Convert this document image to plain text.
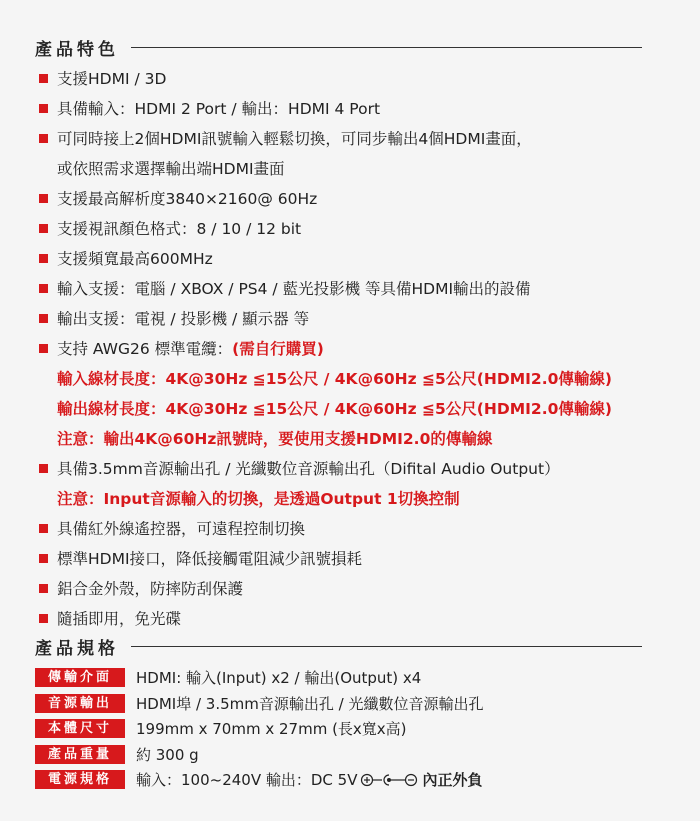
產品特色
支援HDMI / 3D
具備輸入：HDMI 2 Port / 輸出：HDMI 4 Port
可同時接上2個HDMI訊號輸入輕鬆切換，可同步輸出4個HDMI畫面，
或依照需求選擇輸出端HDMI畫面
支援最高解析度3840×2160@ 60Hz
支援視訊顏色格式：8 / 10 / 12 bit
支援頻寬最高600MHz
輸入支援：電腦 / XBOX / PS4 / 藍光投影機 等具備HDMI輸出的設備
輸出支援：電視 / 投影機 / 顯示器 等
支持 AWG26 標準電纜：(需自行購買)
輸入線材長度：4K@30Hz ≦15公尺 / 4K@60Hz ≦5公尺(HDMI2.0傳輸線)
輸出線材長度：4K@30Hz ≦15公尺 / 4K@60Hz ≦5公尺(HDMI2.0傳輸線)
注意：輸出4K@60Hz訊號時，要使用支援HDMI2.0的傳輸線
具備3.5mm音源輸出孔 / 光纖數位音源輸出孔（Difital Audio Output）
注意：Input音源輸入的切換，是透過Output 1切換控制
具備紅外線遙控器，可遠程控制切換
標準HDMI接口，降低接觸電阻減少訊號損耗
鋁合金外殼，防摔防刮保護
隨插即用，免光碟
產品規格
傳輸介面	HDMI: 輸入(Input) x2 / 輸出(Output) x4
音源輸出	HDMI埠 / 3.5mm音源輸出孔 / 光纖數位音源輸出孔
本體尺寸	199mm x 70mm x 27mm (長x寬x高)
產品重量	約 300 g
電源規格	輸入：100~240V 輸出：DC 5V	內正外負
